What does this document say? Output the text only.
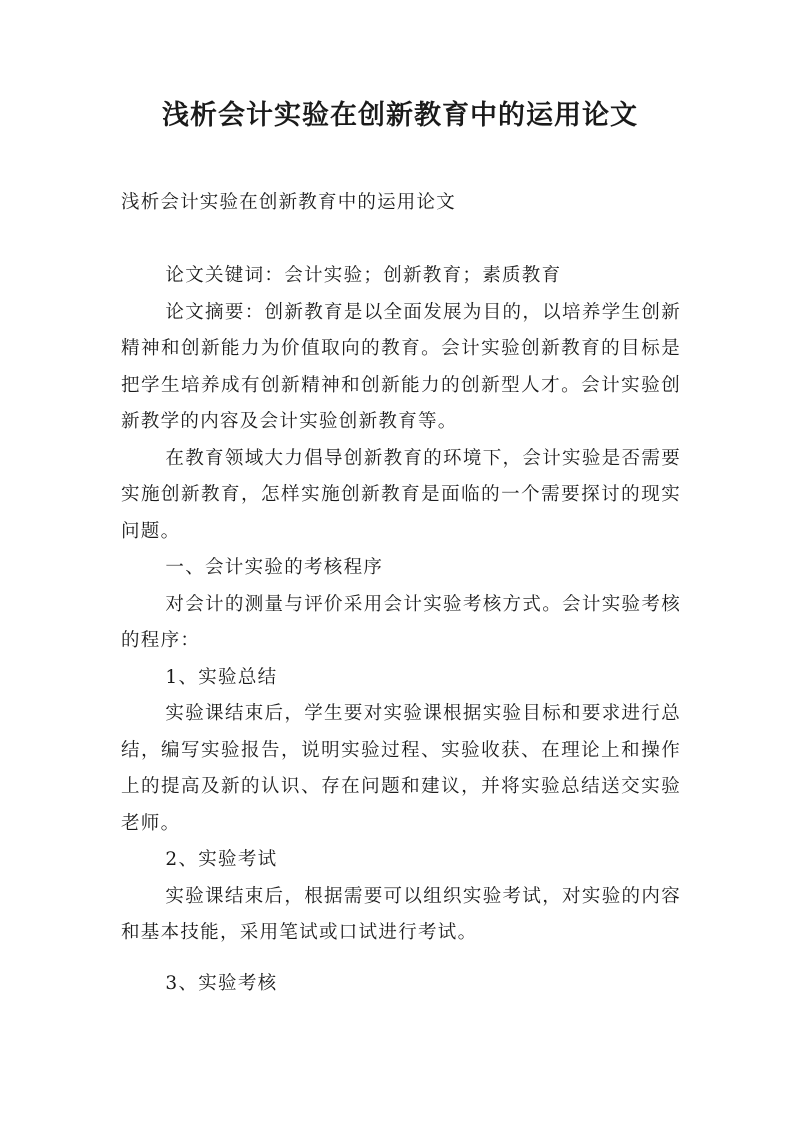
浅析会计实验在创新教育中的运用论文
浅析会计实验在创新教育中的运用论文

论文关键词：会计实验；创新教育；素质教育

论文摘要：创新教育是以全面发展为目的，以培养学生创新精神和创新能力为价值取向的教育。会计实验创新教育的目标是把学生培养成有创新精神和创新能力的创新型人才。会计实验创新教学的内容及会计实验创新教育等。

在教育领域大力倡导创新教育的环境下，会计实验是否需要实施创新教育，怎样实施创新教育是面临的一个需要探讨的现实问题。

一、会计实验的考核程序

对会计的测量与评价采用会计实验考核方式。会计实验考核的程序：

1、实验总结

实验课结束后，学生要对实验课根据实验目标和要求进行总结，编写实验报告，说明实验过程、实验收获、在理论上和操作上的提高及新的认识、存在问题和建议，并将实验总结送交实验老师。

2、实验考试

实验课结束后，根据需要可以组织实验考试，对实验的内容和基本技能，采用笔试或口试进行考试。

3、实验考核
